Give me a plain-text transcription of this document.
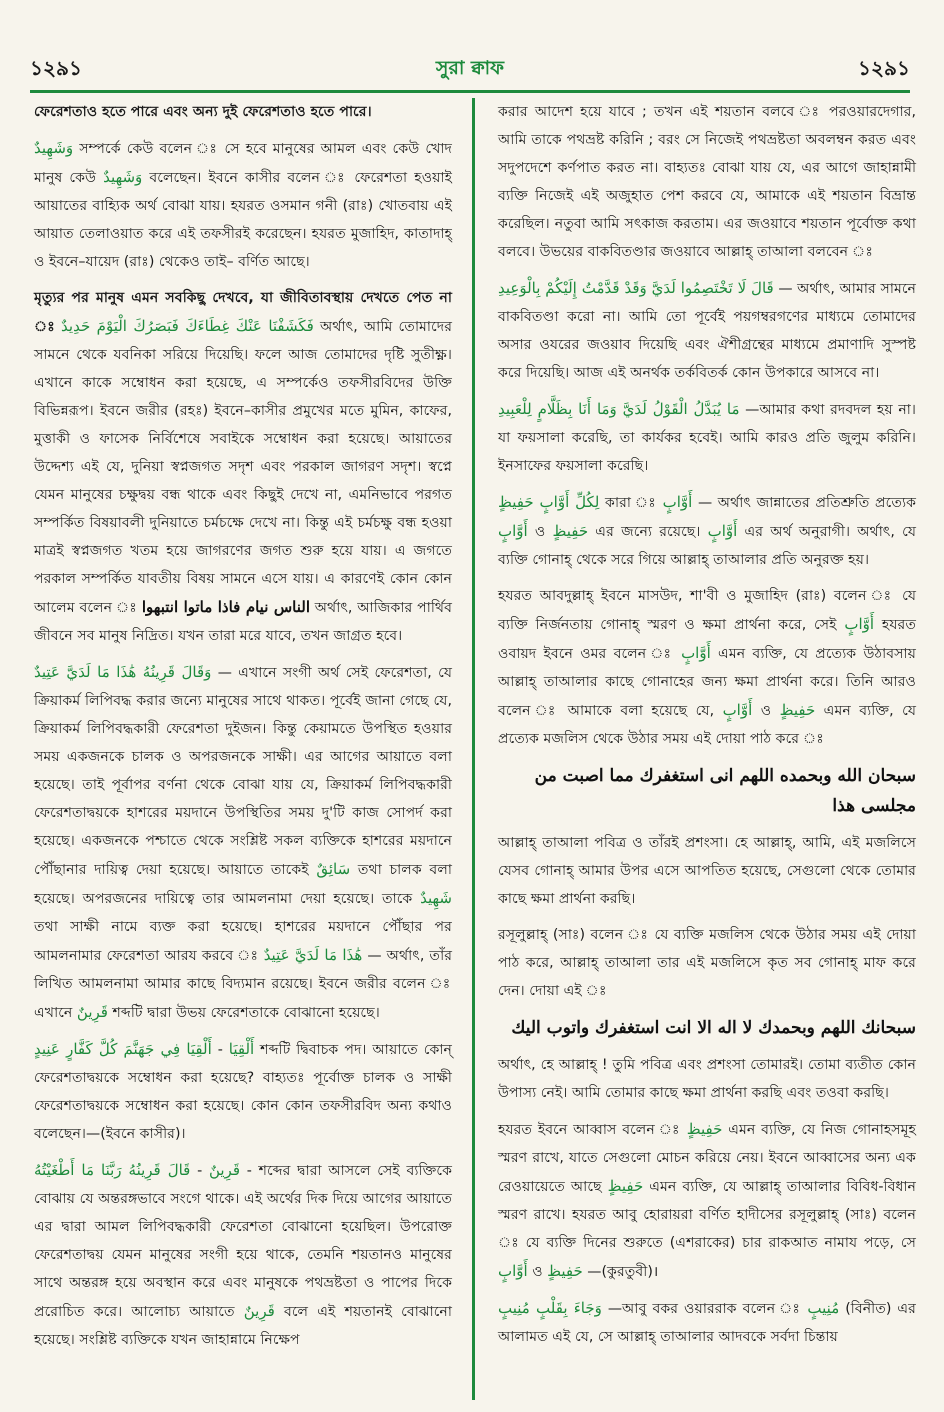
১২৯১	সুরা ক্বাফ	১২৯১

ফেরেশতাও হতে পারে এবং অন্য দুই ফেরেশতাও হতে পারে।

وَشَهِيدٌ সম্পর্কে কেউ বলেন ঃ সে হবে মানুষের আমল এবং কেউ খোদ মানুষ কেউ وَشَهِيدٌ বলেছেন। ইবনে কাসীর বলেন ঃ ফেরেশতা হওয়াই আয়াতের বাহ্যিক অর্থ বোঝা যায়। হযরত ওসমান গনী (রাঃ) খোতবায় এই আয়াত তেলাওয়াত করে এই তফসীরই করেছেন। হযরত মুজাহিদ, কাতাদাহ্ ও ইবনে–যায়েদ (রাঃ) থেকেও তাই– বর্ণিত আছে।

মৃত্যুর পর মানুষ এমন সবকিছু দেখবে, যা জীবিতাবস্থায় দেখতে পেত না ঃ فَكَشَفْنَا عَنْكَ غِطَاءَكَ فَبَصَرُكَ الْيَوْمَ حَدِيدٌ অর্থাৎ, আমি তোমাদের সামনে থেকে যবনিকা সরিয়ে দিয়েছি। ফলে আজ তোমাদের দৃষ্টি সুতীক্ষ্ণ। এখানে কাকে সম্বোধন করা হয়েছে, এ সম্পর্কেও তফসীরবিদের উক্তি বিভিন্নরূপ। ইবনে জরীর (রহঃ) ইবনে–কাসীর প্রমুখের মতে মুমিন, কাফের, মুত্তাকী ও ফাসেক নির্বিশেষে সবাইকে সম্বোধন করা হয়েছে। আয়াতের উদ্দেশ্য এই যে, দুনিয়া স্বপ্নজগত সদৃশ এবং পরকাল জাগরণ সদৃশ। স্বপ্নে যেমন মানুষের চক্ষুদ্বয় বন্ধ থাকে এবং কিছুই দেখে না, এমনিভাবে পরগত সম্পর্কিত বিষয়াবলী দুনিয়াতে চর্মচক্ষে দেখে না। কিন্তু এই চর্মচক্ষু বন্ধ হওয়া মাত্রই স্বপ্নজগত খতম হয়ে জাগরণের জগত শুরু হয়ে যায়। এ জগতে পরকাল সম্পর্কিত যাবতীয় বিষয় সামনে এসে যায়। এ কারণেই কোন কোন আলেম বলেন ঃ الناس نيام فاذا ماتوا انتبهوا অর্থাৎ, আজিকার পার্থিব জীবনে সব মানুষ নিদ্রিত। যখন তারা মরে যাবে, তখন জাগ্রত হবে।

وَقَالَ قَرِينُهُ هَٰذَا مَا لَدَيَّ عَتِيدٌ — এখানে সংগী অর্থ সেই ফেরেশতা, যে ক্রিয়াকর্ম লিপিবদ্ধ করার জন্যে মানুষের সাথে থাকত। পূর্বেই জানা গেছে যে, ক্রিয়াকর্ম লিপিবদ্ধকারী ফেরেশতা দুইজন। কিন্তু কেয়ামতে উপস্থিত হওয়ার সময় একজনকে চালক ও অপরজনকে সাক্ষী। এর আগের আয়াতে বলা হয়েছে। তাই পূর্বাপর বর্ণনা থেকে বোঝা যায় যে, ক্রিয়াকর্ম লিপিবদ্ধকারী ফেরেশতাদ্বয়কে হাশরের ময়দানে উপস্থিতির সময় দু'টি কাজ সোপর্দ করা হয়েছে। একজনকে পশ্চাতে থেকে সংশ্লিষ্ট সকল ব্যক্তিকে হাশরের ময়দানে পৌঁছানার দায়িত্ব দেয়া হয়েছে। আয়াতে তাকেই سَائِقٌ তথা চালক বলা হয়েছে। অপরজনের দায়িত্বে তার আমলনামা দেয়া হয়েছে। তাকে شَهِيدٌ তথা সাক্ষী নামে ব্যক্ত করা হয়েছে। হাশরের ময়দানে পৌঁছার পর আমলনামার ফেরেশতা আরয করবে ঃ هَٰذَا مَا لَدَيَّ عَتِيدٌ — অর্থাৎ, তাঁর লিখিত আমলনামা আমার কাছে বিদ্যমান রয়েছে। ইবনে জরীর বলেন ঃ এখানে قَرِينٌ শব্দটি দ্বারা উভয় ফেরেশতাকে বোঝানো হয়েছে।

أَلْقِيَا فِي جَهَنَّمَ كُلَّ كَفَّارٍ عَنِيدٍ - أَلْقِيَا শব্দটি দ্বিবাচক পদ। আয়াতে কোন্ ফেরেশতাদ্বয়কে সম্বোধন করা হয়েছে? বাহ্যতঃ পূর্বোক্ত চালক ও সাক্ষী ফেরেশতাদ্বয়কে সম্বোধন করা হয়েছে। কোন কোন তফসীরবিদ অন্য কথাও বলেছেন।—(ইবনে কাসীর)।

قَالَ قَرِينُهُ رَبَّنَا مَا أَطْغَيْتُهُ - قَرِينٌ - শব্দের দ্বারা আসলে সেই ব্যক্তিকে বোঝায় যে অন্তরঙ্গভাবে সংগে থাকে। এই অর্থের দিক দিয়ে আগের আয়াতে এর দ্বারা আমল লিপিবদ্ধকারী ফেরেশতা বোঝানো হয়েছিল। উপরোক্ত ফেরেশতাদ্বয় যেমন মানুষের সংগী হয়ে থাকে, তেমনি শয়তানও মানুষের সাথে অন্তরঙ্গ হয়ে অবস্থান করে এবং মানুষকে পথভ্রষ্টতা ও পাপের দিকে প্ররোচিত করে। আলোচ্য আয়াতে قَرِينٌ বলে এই শয়তানই বোঝানো হয়েছে। সংশ্লিষ্ট ব্যক্তিকে যখন জাহান্নামে নিক্ষেপ

করার আদেশ হয়ে যাবে ; তখন এই শয়তান বলবে ঃ পরওয়ারদেগার, আমি তাকে পথভ্রষ্ট করিনি ; বরং সে নিজেই পথভ্রষ্টতা অবলম্বন করত এবং সদুপদেশে কর্ণপাত করত না। বাহ্যতঃ বোঝা যায় যে, এর আগে জাহান্নামী ব্যক্তি নিজেই এই অজুহাত পেশ করবে যে, আমাকে এই শয়তান বিভ্রান্ত করেছিল। নতুবা আমি সৎকাজ করতাম। এর জওয়াবে শয়তান পূর্বোক্ত কথা বলবে। উভয়ের বাকবিতণ্ডার জওয়াবে আল্লাহ্ তাআলা বলবেন ঃ

قَالَ لَا تَخْتَصِمُوا لَدَيَّ وَقَدْ قَدَّمْتُ إِلَيْكُمْ بِالْوَعِيدِ — অর্থাৎ, আমার সামনে বাকবিতণ্ডা করো না। আমি তো পূর্বেই পয়গম্বরগণের মাধ্যমে তোমাদের অসার ওযরের জওয়াব দিয়েছি এবং ঐশীগ্রন্থের মাধ্যমে প্রমাণাদি সুস্পষ্ট করে দিয়েছি। আজ এই অনর্থক তর্কবিতর্ক কোন উপকারে আসবে না।

مَا يُبَدَّلُ الْقَوْلُ لَدَيَّ وَمَا أَنَا بِظَلَّامٍ لِلْعَبِيدِ —আমার কথা রদবদল হয় না। যা ফয়সালা করেছি, তা কার্যকর হবেই। আমি কারও প্রতি জুলুম করিনি। ইনসাফের ফয়সালা করেছি।

لِكُلِّ أَوَّابٍ حَفِيظٍ কারা ঃ أَوَّابٍ — অর্থাৎ জান্নাতের প্রতিশ্রুতি প্রত্যেক أَوَّابٍ ও حَفِيظٍ এর জন্যে রয়েছে। أَوَّابٍ এর অর্থ অনুরাগী। অর্থাৎ, যে ব্যক্তি গোনাহ্ থেকে সরে গিয়ে আল্লাহ্ তাআলার প্রতি অনুরক্ত হয়।

হযরত আবদুল্লাহ্ ইবনে মাসউদ, শা'বী ও মুজাহিদ (রাঃ) বলেন ঃ যে ব্যক্তি নির্জনতায় গোনাহ্ স্মরণ ও ক্ষমা প্রার্থনা করে, সেই أَوَّابٍ হযরত ওবায়দ ইবনে ওমর বলেন ঃ أَوَّابٍ এমন ব্যক্তি, যে প্রত্যেক উঠাবসায় আল্লাহ্ তাআলার কাছে গোনাহের জন্য ক্ষমা প্রার্থনা করে। তিনি আরও বলেন ঃ আমাকে বলা হয়েছে যে, أَوَّابٍ ও حَفِيظٍ এমন ব্যক্তি, যে প্রত্যেক মজলিস থেকে উঠার সময় এই দোয়া পাঠ করে ঃ

سبحان الله وبحمده اللهم انى استغفرك مما اصبت من مجلسى هذا

আল্লাহ্ তাআলা পবিত্র ও তাঁরই প্রশংসা। হে আল্লাহ্, আমি, এই মজলিসে যেসব গোনাহ্ আমার উপর এসে আপতিত হয়েছে, সেগুলো থেকে তোমার কাছে ক্ষমা প্রার্থনা করছি।

রসূলুল্লাহ্ (সাঃ) বলেন ঃ যে ব্যক্তি মজলিস থেকে উঠার সময় এই দোয়া পাঠ করে, আল্লাহ্ তাআলা তার এই মজলিসে কৃত সব গোনাহ্ মাফ করে দেন। দোয়া এই ঃ

سبحانك اللهم وبحمدك لا اله الا انت استغفرك واتوب اليك

অর্থাৎ, হে আল্লাহ্ ! তুমি পবিত্র এবং প্রশংসা তোমারই। তোমা ব্যতীত কোন উপাস্য নেই। আমি তোমার কাছে ক্ষমা প্রার্থনা করছি এবং তওবা করছি।

হযরত ইবনে আব্বাস বলেন ঃ حَفِيظٍ এমন ব্যক্তি, যে নিজ গোনাহসমূহ স্মরণ রাখে, যাতে সেগুলো মোচন করিয়ে নেয়। ইবনে আব্বাসের অন্য এক রেওয়ায়েতে আছে حَفِيظٍ এমন ব্যক্তি, যে আল্লাহ্ তাআলার বিবিধ-বিধান স্মরণ রাখে। হযরত আবু হোরায়রা বর্ণিত হাদীসের রসূলুল্লাহ্ (সাঃ) বলেন ঃ যে ব্যক্তি দিনের শুরুতে (এশরাকের) চার রাকআত নামায পড়ে, সে أَوَّابٍ ও حَفِيظٍ —(কুরতুবী)।

وَجَاءَ بِقَلْبٍ مُنِيبٍ —আবু বকর ওয়াররাক বলেন ঃ مُنِيبٍ (বিনীত) এর আলামত এই যে, সে আল্লাহ্ তাআলার আদবকে সর্বদা চিন্তায়
